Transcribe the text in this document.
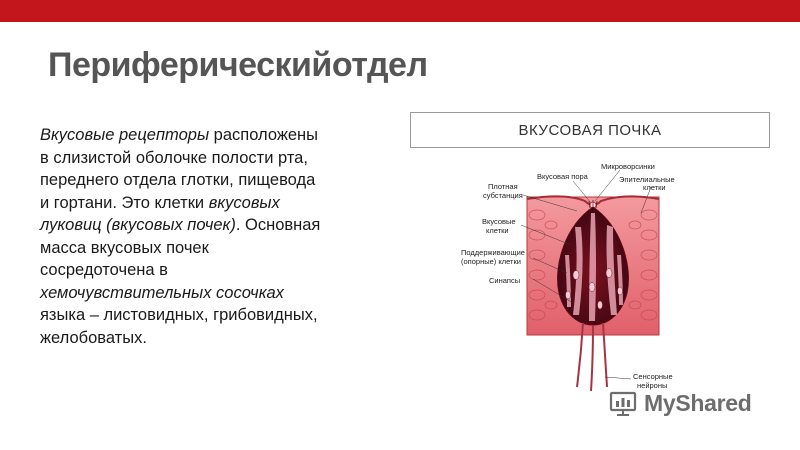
Периферическийотдел
Вкусовые рецепторы расположены
в слизистой оболочке полости рта,
переднего отдела глотки, пищевода
и гортани. Это клетки вкусовых
луковиц (вкусовых почек). Основная
масса вкусовых почек
сосредоточена в
хемочувствительных сосочках
языка – листовидных, грибовидных,
желобоватых.
ВКУСОВАЯ ПОЧКА
Микроворсинки
Вкусовая пора	Эпителиальные
клетки
Плотная
субстанция
Вкусовые
клетки
Поддерживающие
(опорные) клетки
Синапсы
Сенсорные
нейроны
MyShared
